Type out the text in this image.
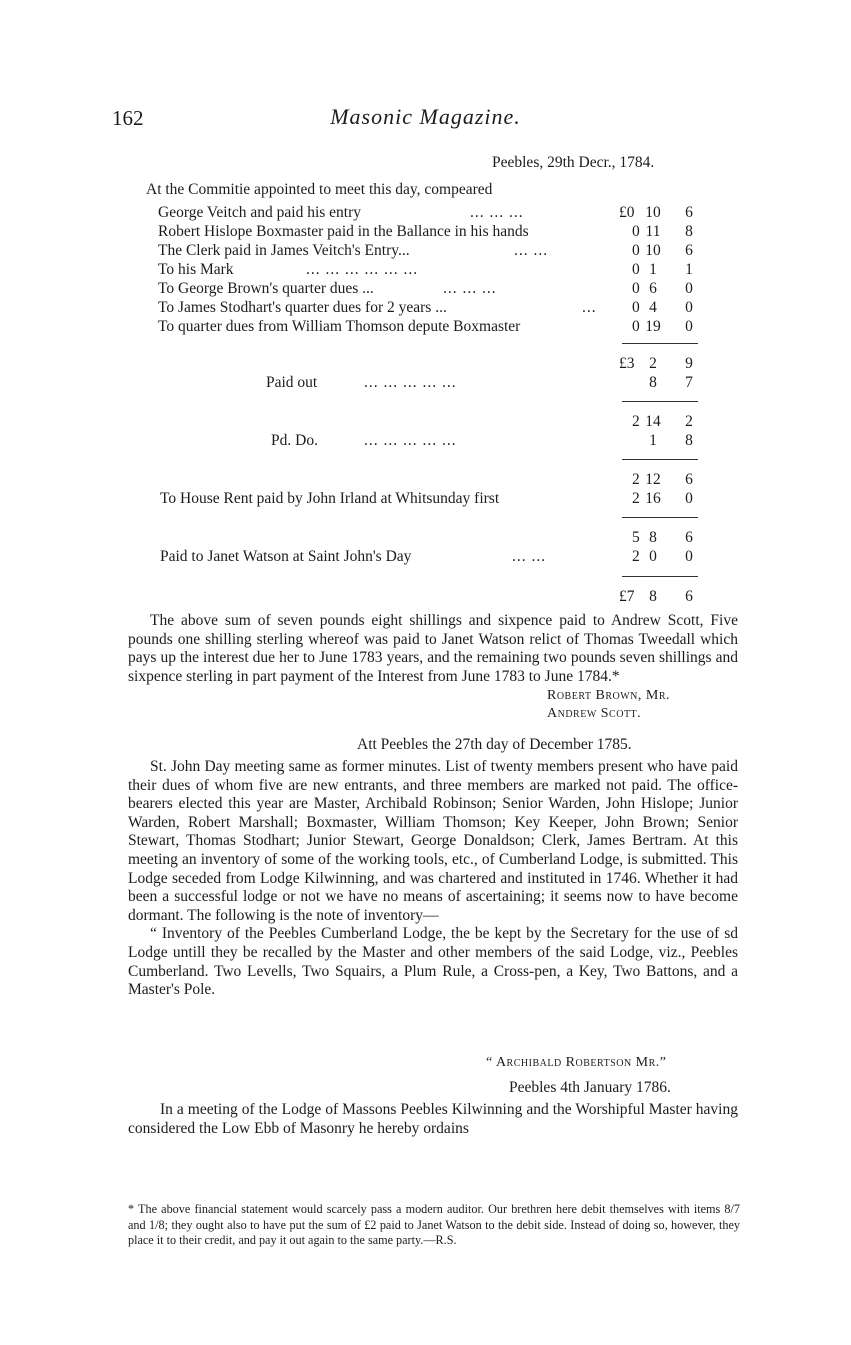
162	Masonic Magazine.
Peebles, 29th Decr., 1784.
At the Commitie appointed to meet this day, compeared
George Veitch and paid his entry	... ... ...	£0 10	6
Robert Hislope Boxmaster paid in the Ballance in his hands	0 11	8
The Clerk paid in James Veitch's Entry...	... ...	0 10	6
To his Mark	... ... ... ... ... ...	0 1	1
To George Brown's quarter dues ...	... ... ...	0 6	0
To James Stodhart's quarter dues for 2 years ...	... 0 4	0
To quarter dues from William Thomson depute Boxmaster	0 19	0
£3 2	9
Paid out	... ... ... ... ...	8	7
2 14	2
Pd. Do.	... ... ... ... ...	1	8
2 12	6
To House Rent paid by John Irland at Whitsunday first	2 16	0
5 8	6
Paid to Janet Watson at Saint John's Day	... ...	2 0	0
£7 8	6

The above sum of seven pounds eight shillings and sixpence paid to Andrew Scott, Five pounds one shilling sterling whereof was paid to Janet Watson relict of Thomas Tweedall which pays up the interest due her to June 1783 years, and the remaining two pounds seven shillings and sixpence sterling in part payment of the Interest from June 1783 to June 1784.*

Robert Brown, Mr.
Andrew Scott.
Att Peebles the 27th day of December 1785.

St. John Day meeting same as former minutes. List of twenty members present who have paid their dues of whom five are new entrants, and three members are marked not paid. The office-bearers elected this year are Master, Archibald Robinson; Senior Warden, John Hislope; Junior Warden, Robert Marshall; Boxmaster, William Thomson; Key Keeper, John Brown; Senior Stewart, Thomas Stodhart; Junior Stewart, George Donaldson; Clerk, James Bertram. At this meeting an inventory of some of the working tools, etc., of Cumberland Lodge, is submitted. This Lodge seceded from Lodge Kilwinning, and was chartered and instituted in 1746. Whether it had been a successful lodge or not we have no means of ascertaining; it seems now to have become dormant. The following is the note of inventory—

“ Inventory of the Peebles Cumberland Lodge, the be kept by the Secretary for the use of sd Lodge untill they be recalled by the Master and other members of the said Lodge, viz., Peebles Cumberland. Two Levells, Two Squairs, a Plum Rule, a Cross-pen, a Key, Two Battons, and a Master's Pole.

“ Archibald Robertson Mr.”
Peebles 4th January 1786.

In a meeting of the Lodge of Massons Peebles Kilwinning and the Worshipful Master having considered the Low Ebb of Masonry he hereby ordains

* The above financial statement would scarcely pass a modern auditor. Our brethren here debit themselves with items 8/7 and 1/8; they ought also to have put the sum of £2 paid to Janet Watson to the debit side. Instead of doing so, however, they place it to their credit, and pay it out again to the same party.—R.S.
